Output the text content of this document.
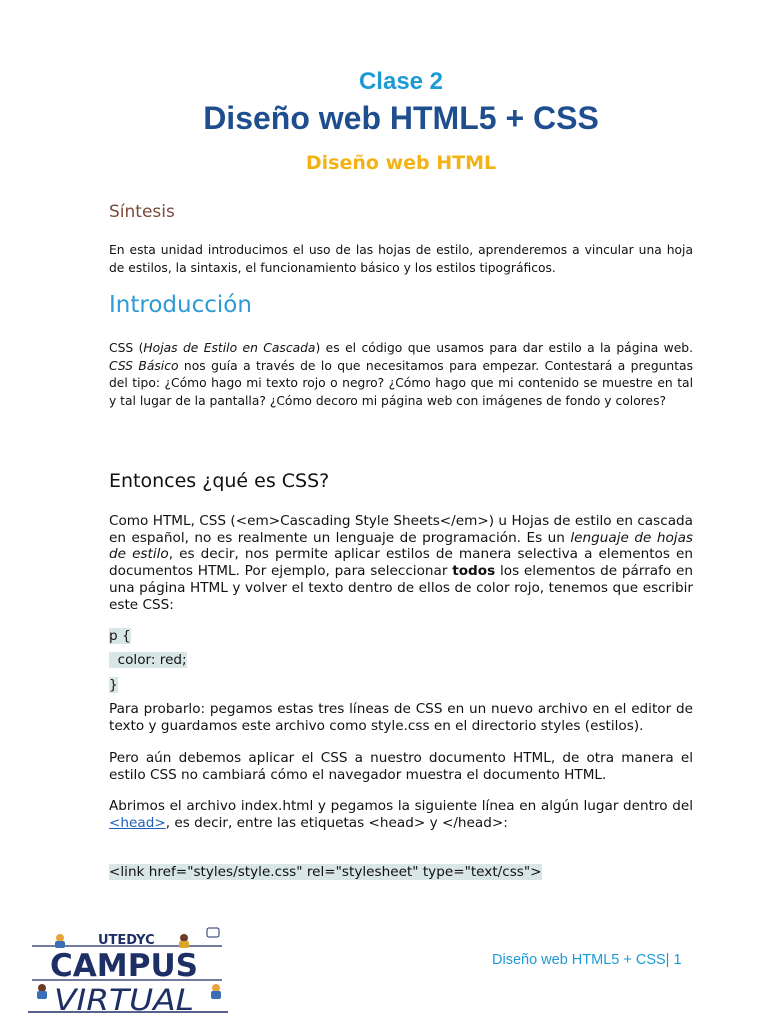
Clase 2
Diseño web HTML5 + CSS
Diseño web HTML
Síntesis
En esta unidad introducimos el uso de las hojas de estilo, aprenderemos a vincular una hoja de estilos, la sintaxis, el funcionamiento básico y los estilos tipográficos.
Introducción
CSS (Hojas de Estilo en Cascada) es el código que usamos para dar estilo a la página web. CSS Básico nos guía a través de lo que necesitamos para empezar. Contestará a preguntas del tipo: ¿Cómo hago mi texto rojo o negro? ¿Cómo hago que mi contenido se muestre en tal y tal lugar de la pantalla? ¿Cómo decoro mi página web con imágenes de fondo y colores?
Entonces ¿qué es CSS?
Como HTML, CSS (<em>Cascading Style Sheets</em>) u Hojas de estilo en cascada en español, no es realmente un lenguaje de programación. Es un lenguaje de hojas de estilo, es decir, nos permite aplicar estilos de manera selectiva a elementos en documentos HTML. Por ejemplo, para seleccionar todos los elementos de párrafo en una página HTML y volver el texto dentro de ellos de color rojo, tenemos que escribir este CSS:
p {
color: red;
}
Para probarlo: pegamos estas tres líneas de CSS en un nuevo archivo en el editor de texto y guardamos este archivo como style.css en el directorio styles (estilos).
Pero aún debemos aplicar el CSS a nuestro documento HTML, de otra manera el estilo CSS no cambiará cómo el navegador muestra el documento HTML.
Abrimos el archivo index.html y pegamos la siguiente línea en algún lugar dentro del <head>, es decir, entre las etiquetas <head> y </head>:
<link href="styles/style.css" rel="stylesheet" type="text/css">
UTEDYC
CAMPUS
VIRTUAL
Diseño web HTML5 + CSS| 1
